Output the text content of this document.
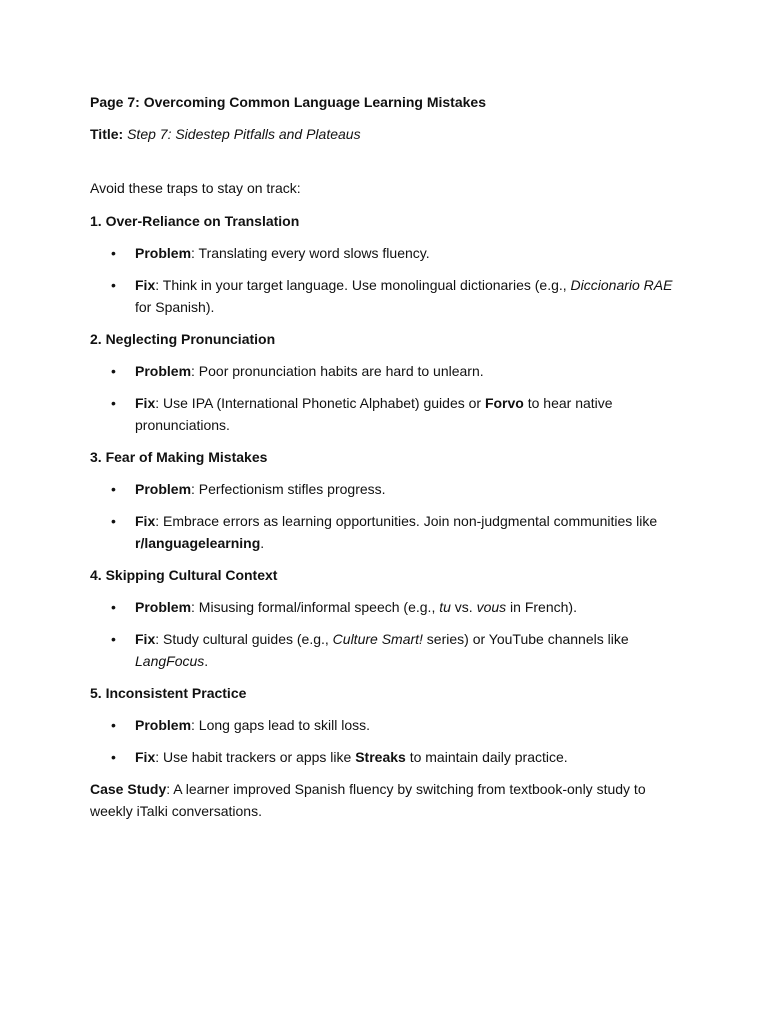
Page 7: Overcoming Common Language Learning Mistakes

Title: Step 7: Sidestep Pitfalls and Plateaus

Avoid these traps to stay on track:

1. Over-Reliance on Translation

• Problem: Translating every word slows fluency.
• Fix: Think in your target language. Use monolingual dictionaries (e.g., Diccionario RAE for Spanish).

2. Neglecting Pronunciation

• Problem: Poor pronunciation habits are hard to unlearn.
• Fix: Use IPA (International Phonetic Alphabet) guides or Forvo to hear native pronunciations.

3. Fear of Making Mistakes

• Problem: Perfectionism stifles progress.
• Fix: Embrace errors as learning opportunities. Join non-judgmental communities like r/languagelearning.

4. Skipping Cultural Context

• Problem: Misusing formal/informal speech (e.g., tu vs. vous in French).
• Fix: Study cultural guides (e.g., Culture Smart! series) or YouTube channels like LangFocus.

5. Inconsistent Practice

• Problem: Long gaps lead to skill loss.
• Fix: Use habit trackers or apps like Streaks to maintain daily practice.

Case Study: A learner improved Spanish fluency by switching from textbook-only study to weekly iTalki conversations.
